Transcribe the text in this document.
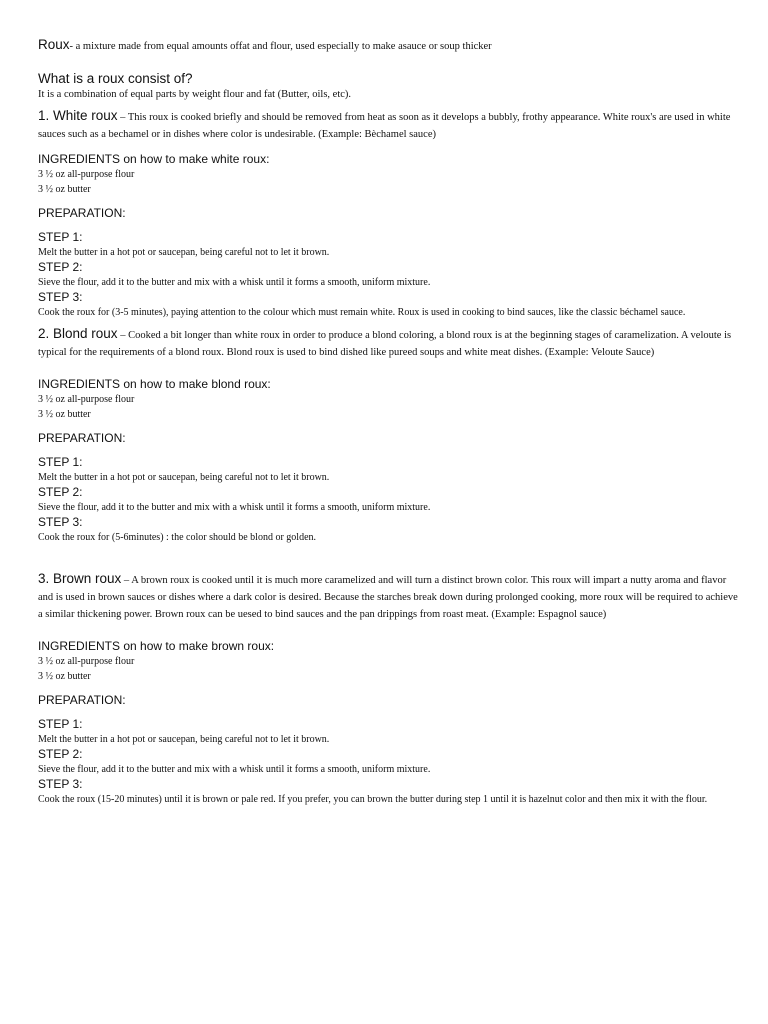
Roux- a mixture made from equal amounts offat and flour, used especially to make asauce or soup thicker

What is a roux consist of?

It is a combination of equal parts by weight flour and fat (Butter, oils, etc).

1. White roux – This roux is cooked briefly and should be removed from heat as soon as it develops a bubbly, frothy appearance. White roux's are used in white sauces such as a bechamel or in dishes where color is undesirable. (Example: Bèchamel sauce)

INGREDIENTS on how to make white roux:

3 ½ oz all-purpose flour

3 ½ oz butter

PREPARATION:

STEP 1:

Melt the butter in a hot pot or saucepan, being careful not to let it brown.

STEP 2:

Sieve the flour, add it to the butter and mix with a whisk until it forms a smooth, uniform mixture.

STEP 3:

Cook the roux for (3-5 minutes), paying attention to the colour which must remain white. Roux is used in cooking to bind sauces, like the classic béchamel sauce.

2. Blond roux – Cooked a bit longer than white roux in order to produce a blond coloring, a blond roux is at the beginning stages of caramelization. A veloute is typical for the requirements of a blond roux. Blond roux is used to bind dished like pureed soups and white meat dishes. (Example: Veloute Sauce)

INGREDIENTS on how to make blond roux:

3 ½ oz all-purpose flour

3 ½ oz butter

PREPARATION:

STEP 1:

Melt the butter in a hot pot or saucepan, being careful not to let it brown.

STEP 2:

Sieve the flour, add it to the butter and mix with a whisk until it forms a smooth, uniform mixture.

STEP 3:

Cook the roux for (5-6minutes) : the color should be blond or golden.

3. Brown roux – A brown roux is cooked until it is much more caramelized and will turn a distinct brown color. This roux will impart a nutty aroma and flavor and is used in brown sauces or dishes where a dark color is desired. Because the starches break down during prolonged cooking, more roux will be required to achieve a similar thickening power. Brown roux can be uesed to bind sauces and the pan drippings from roast meat. (Example: Espagnol sauce)

INGREDIENTS on how to make brown roux:

3 ½ oz all-purpose flour

3 ½ oz butter

PREPARATION:

STEP 1:

Melt the butter in a hot pot or saucepan, being careful not to let it brown.

STEP 2:

Sieve the flour, add it to the butter and mix with a whisk until it forms a smooth, uniform mixture.

STEP 3:

Cook the roux (15-20 minutes) until it is brown or pale red. If you prefer, you can brown the butter during step 1 until it is hazelnut color and then mix it with the flour.
